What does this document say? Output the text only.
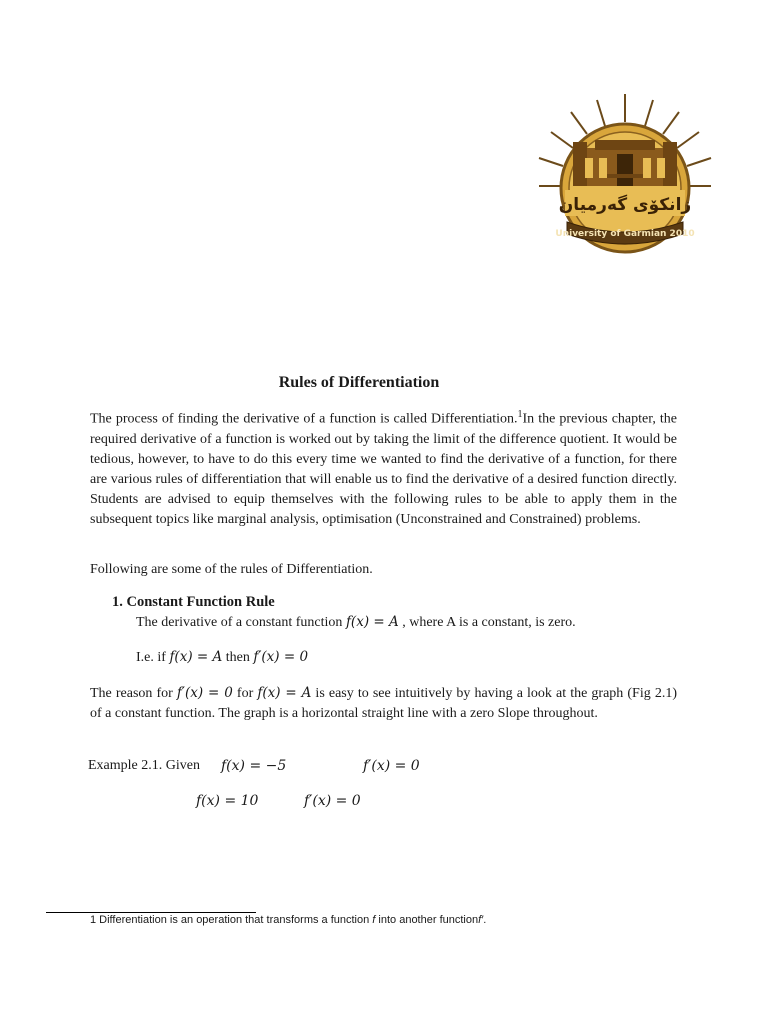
زانكۆی گەرمیان
University of Garmian 2010
Rules of Differentiation

The process of finding the derivative of a function is called Differentiation.$^1$In the previous chapter, the required derivative of a function is worked out by taking the limit of the difference quotient. It would be tedious, however, to have to do this every time we wanted to find the derivative of a function, for there are various rules of differentiation that will enable us to find the derivative of a desired function directly. Students are advised to equip themselves with the following rules to be able to apply them in the subsequent topics like marginal analysis, optimisation (Unconstrained and Constrained) problems.

Following are some of the rules of Differentiation.

1. Constant Function Rule
The derivative of a constant function f(x) = A , where A is a constant, is zero.
I.e. if f(x) = A then f′(x) = 0

The reason for f′(x) = 0 for f(x) = A is easy to see intuitively by having a look at the graph (Fig 2.1) of a constant function. The graph is a horizontal straight line with a zero Slope throughout.

Example 2.1. Given f(x) = −5	f′(x) = 0
f(x) = 10	f′(x) = 0
1 Differentiation is an operation that transforms a function f into another functionf′.
